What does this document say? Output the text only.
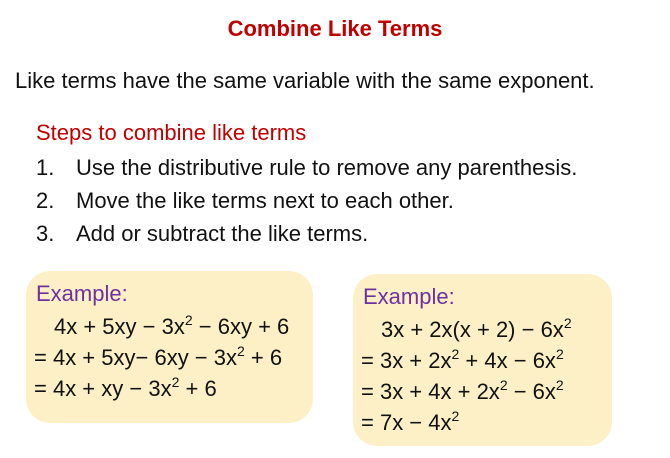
Combine Like Terms
Like terms have the same variable with the same exponent.
Steps to combine like terms
1. Use the distributive rule to remove any parenthesis.
2. Move the like terms next to each other.
3. Add or subtract the like terms.
Example:
$4x + 5xy - 3x^2 - 6xy + 6$
= $4x + 5xy- 6xy - 3x^2 + 6$
= 4x + xy − $3x^2 + 6$
Example:
$3x + 2x(x + 2) - 6x^2$
= $3x + 2x^2 + 4x - 6x^2$
= $3x + 4x + 2x^2 - 6x^2$
= $7x - 4x^2$
